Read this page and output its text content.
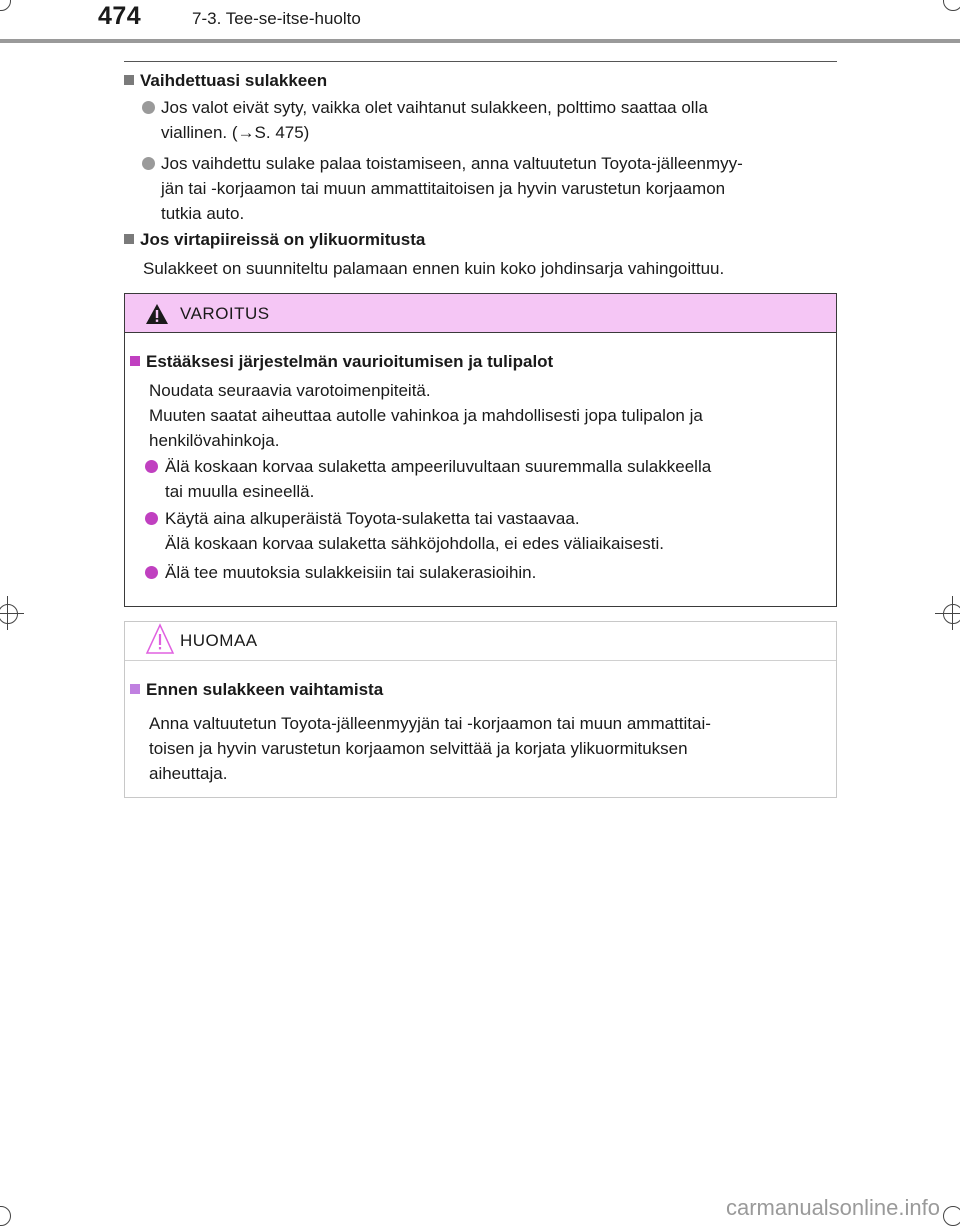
474	7-3. Tee-se-itse-huolto
Vaihdettuasi sulakkeen
Jos valot eivät syty, vaikka olet vaihtanut sulakkeen, polttimo saattaa olla
viallinen. (→S. 475)
Jos vaihdettu sulake palaa toistamiseen, anna valtuutetun Toyota-jälleenmyy-
jän tai -korjaamon tai muun ammattitaitoisen ja hyvin varustetun korjaamon
tutkia auto.
Jos virtapiireissä on ylikuormitusta
Sulakkeet on suunniteltu palamaan ennen kuin koko johdinsarja vahingoittuu.
VAROITUS
Estääksesi järjestelmän vaurioitumisen ja tulipalot
Noudata seuraavia varotoimenpiteitä.
Muuten saatat aiheuttaa autolle vahinkoa ja mahdollisesti jopa tulipalon ja
henkilövahinkoja.
Älä koskaan korvaa sulaketta ampeeriluvultaan suuremmalla sulakkeella
tai muulla esineellä.
Käytä aina alkuperäistä Toyota-sulaketta tai vastaavaa.
Älä koskaan korvaa sulaketta sähköjohdolla, ei edes väliaikaisesti.
Älä tee muutoksia sulakkeisiin tai sulakerasioihin.
HUOMAA
Ennen sulakkeen vaihtamista
Anna valtuutetun Toyota-jälleenmyyjän tai -korjaamon tai muun ammattitai-
toisen ja hyvin varustetun korjaamon selvittää ja korjata ylikuormituksen
aiheuttaja.
carmanualsonline.info
